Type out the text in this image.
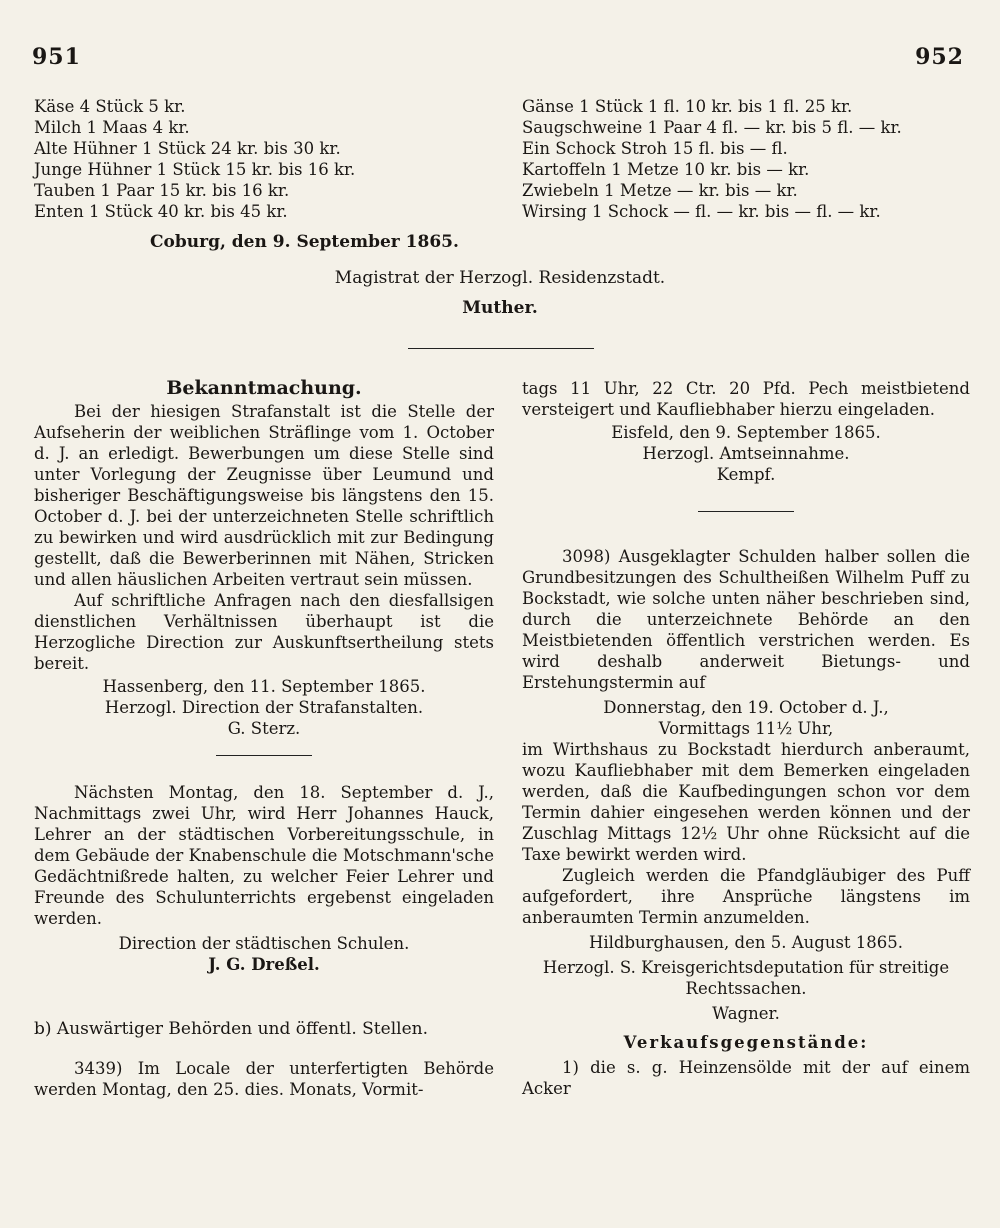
951	952
Käse 4 Stück 5 kr.
Milch 1 Maas 4 kr.
Alte Hühner 1 Stück 24 kr. bis 30 kr.
Junge Hühner 1 Stück 15 kr. bis 16 kr.
Tauben 1 Paar 15 kr. bis 16 kr.
Enten 1 Stück 40 kr. bis 45 kr.
Gänse 1 Stück 1 fl. 10 kr. bis 1 fl. 25 kr.
Saugschweine 1 Paar 4 fl. — kr. bis 5 fl. — kr.
Ein Schock Stroh 15 fl. bis — fl.
Kartoffeln 1 Metze 10 kr. bis — kr.
Zwiebeln 1 Metze — kr. bis — kr.
Wirsing 1 Schock — fl. — kr. bis — fl. — kr.
Coburg, den 9. September 1865.
Magistrat der Herzogl. Residenzstadt.
Muther.
Bekanntmachung.

Bei der hiesigen Strafanstalt ist die Stelle der Aufseherin der weiblichen Sträflinge vom 1. October d. J. an erledigt. Bewerbungen um diese Stelle sind unter Vorlegung der Zeugnisse über Leumund und bisheriger Beschäftigungsweise bis längstens den 15. October d. J. bei der unterzeichneten Stelle schriftlich zu bewirken und wird ausdrücklich mit zur Bedingung gestellt, daß die Bewerberinnen mit Nähen, Stricken und allen häuslichen Arbeiten vertraut sein müssen.

Auf schriftliche Anfragen nach den diesfallsigen dienstlichen Verhältnissen überhaupt ist die Herzogliche Direction zur Auskunftsertheilung stets bereit.

Hassenberg, den 11. September 1865.
Herzogl. Direction der Strafanstalten.
G. Sterz.

Nächsten Montag, den 18. September d. J., Nachmittags zwei Uhr, wird Herr Johannes Hauck, Lehrer an der städtischen Vorbereitungsschule, in dem Gebäude der Knabenschule die Motschmann'sche Gedächtnißrede halten, zu welcher Feier Lehrer und Freunde des Schulunterrichts ergebenst eingeladen werden.

Direction der städtischen Schulen.
J. G. Dreßel.
b) Auswärtiger Behörden und öffentl. Stellen.

3439) Im Locale der unterfertigten Behörde werden Montag, den 25. dies. Monats, Vormit-

tags 11 Uhr, 22 Ctr. 20 Pfd. Pech meistbietend versteigert und Kaufliebhaber hierzu eingeladen.

Eisfeld, den 9. September 1865.
Herzogl. Amtseinnahme.
Kempf.

3098) Ausgeklagter Schulden halber sollen die Grundbesitzungen des Schultheißen Wilhelm Puff zu Bockstadt, wie solche unten näher beschrieben sind, durch die unterzeichnete Behörde an den Meistbietenden öffentlich verstrichen werden. Es wird deshalb anderweit Bietungs- und Erstehungstermin auf

Donnerstag, den 19. October d. J.,
Vormittags 11½ Uhr,

im Wirthshaus zu Bockstadt hierdurch anberaumt, wozu Kaufliebhaber mit dem Bemerken eingeladen werden, daß die Kaufbedingungen schon vor dem Termin dahier eingesehen werden können und der Zuschlag Mittags 12½ Uhr ohne Rücksicht auf die Taxe bewirkt werden wird.

Zugleich werden die Pfandgläubiger des Puff aufgefordert, ihre Ansprüche längstens im anberaumten Termin anzumelden.

Hildburghausen, den 5. August 1865.
Herzogl. S. Kreisgerichtsdeputation für streitige Rechtssachen.
Wagner.
Verkaufsgegenstände:

1) die s. g. Heinzensölde mit der auf einem Acker
